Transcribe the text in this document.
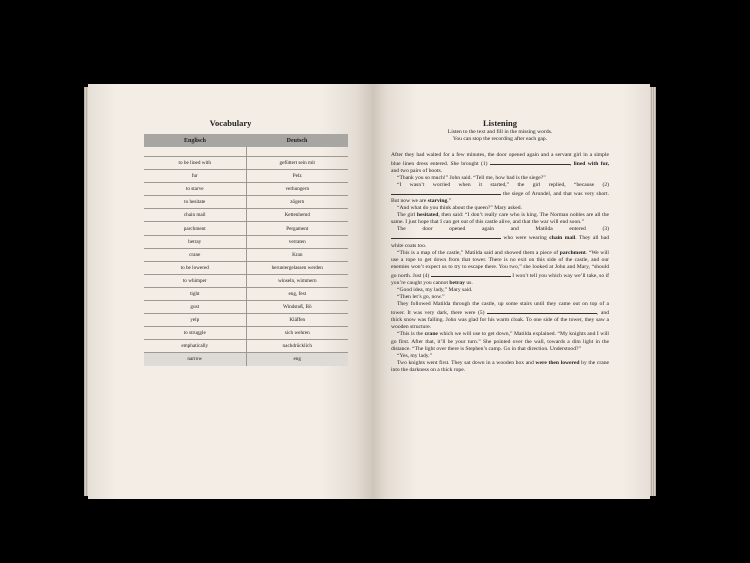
Vocabulary
Englisch	Deutsch

to be lined with	gefüttert sein mit
fur	Pelz
to starve	verhungern
to hesitate	zögern
chain mail	Kettenhemd
parchment	Pergament
betray	verraten
crane	Kran
to be lowered	heruntergelassen werden
to whimper	winseln, wimmern
tight	eng, fest
gust	Windstoß, Bö
yelp	Kläffen
to struggle	sich wehren
emphatically	nachdrücklich
narrow	eng
Listening
Listen to the text and fill in the missing words.
You can stop the recording after each gap.

After they had waited for a few minutes, the door opened again and a servant girl in a simple blue linen dress entered. She brought (1)	, lined with fur, and two pairs of boots.

“Thank you so much!” John said. “Tell me, how bad is the siege?”

“I wasn’t worried when it started,” the girl replied, “because (2)  the siege of Arundel, and that was very short. But now we are starving.”

“And what do you think about the queen?” Mary asked.

The girl hesitated, then said: “I don’t really care who is king. The Norman nobles are all the same. I just hope that I can get out of this castle alive, and that the war will end soon.”

The door opened again and Matilda entered (3)  who were wearing chain mail. They all had white coats too.

“This is a map of the castle,” Matilda said and showed them a piece of parchment. “We will use a rope to get down from that tower. There is no exit on this side of the castle, and our enemies won’t expect us to try to escape there. You two,” she looked at John and Mary, “should go north. Just (4)	I won’t tell you which way we’ll take, so if you’re caught you cannot betray us.

“Good idea, my lady,” Mary said.

“Then let’s go, now.”

They followed Matilda through the castle, up some stairs until they came out on top of a tower. It was very dark, there were (5)	, and thick snow was falling. John was glad for his warm cloak. To one side of the tower, they saw a wooden structure.

“This is the crane which we will use to get down,” Matilda explained. “My knights and I will go first. After that, it’ll be your turn.” She pointed over the wall, towards a dim light in the distance. “The light over there is Stephen’s camp. Go in that direction. Understood?”

“Yes, my lady.”

Two knights went first. They sat down in a wooden box and were then lowered by the crane into the darkness on a thick rope.
